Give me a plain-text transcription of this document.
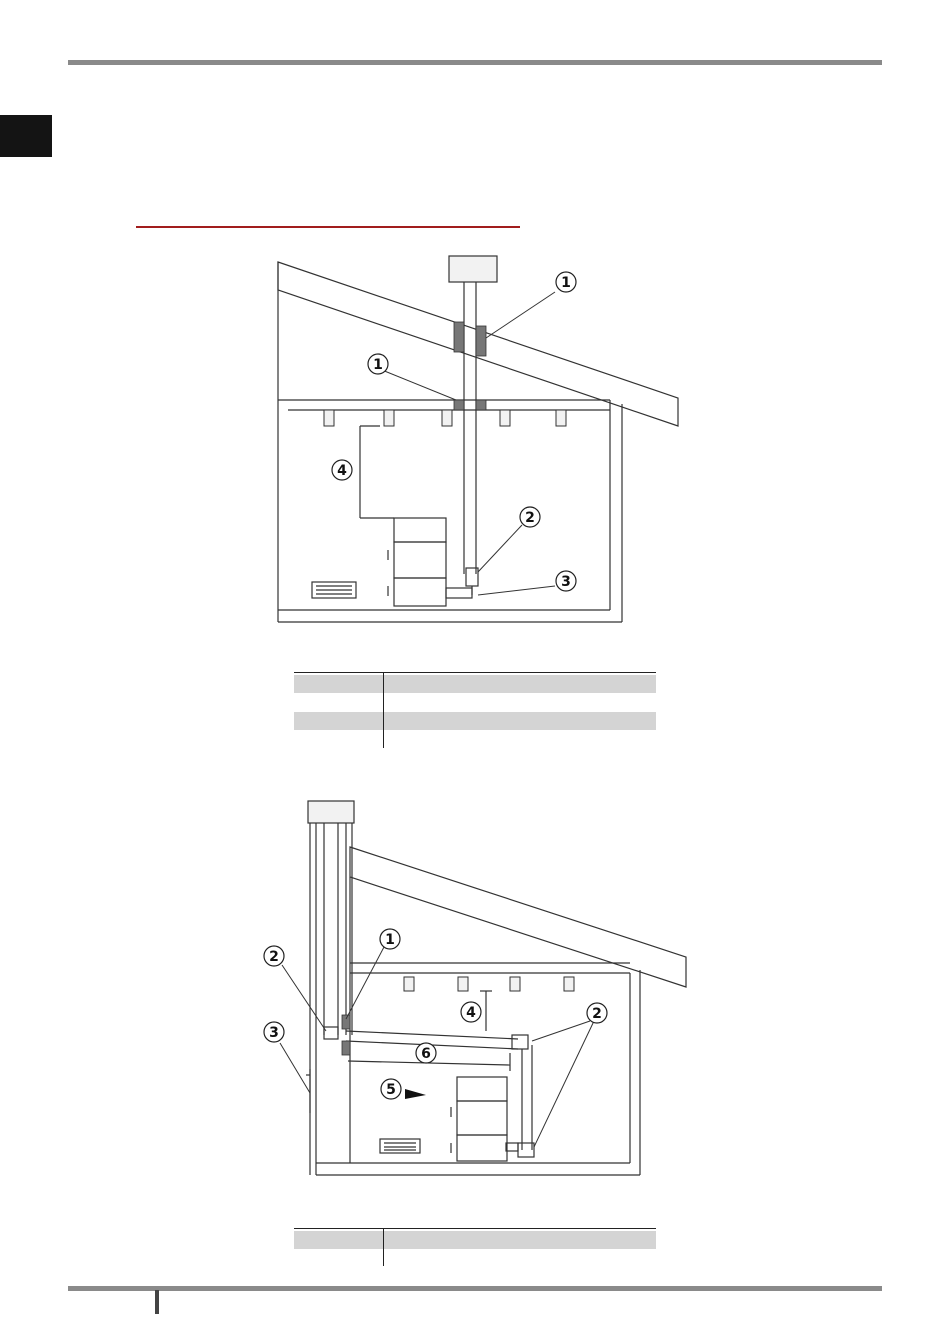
1
1
2
3
4
1
2
2
3
4
5
6
